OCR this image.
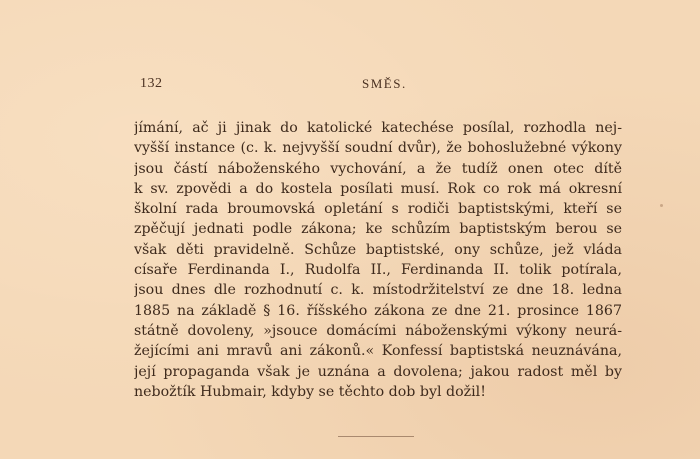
132	SMĚS.
jímání, ač ji jinak do katolické katechése posílal, rozhodla nej-
vyšší instance (c. k. nejvyšší soudní dvůr), že bohoslužebné výkony
jsou částí náboženského vychování, a že tudíž onen otec dítě
k sv. zpovědi a do kostela posílati musí. Rok co rok má okresní
školní rada broumovská opletání s rodiči baptistskými, kteří se
zpěčují jednati podle zákona; ke schůzím baptistským berou se
však děti pravidelně. Schůze baptistské, ony schůze, jež vláda
císaře Ferdinanda I., Rudolfa II., Ferdinanda II. tolik potírala,
jsou dnes dle rozhodnutí c. k. místodržitelství ze dne 18. ledna
1885 na základě § 16. říšského zákona ze dne 21. prosince 1867
státně dovoleny, »jsouce domácími náboženskými výkony neurá-
žejícími ani mravů ani zákonů.« Konfessí baptistská neuznávána,
její propaganda však je uznána a dovolena; jakou radost měl by
nebožtík Hubmair, kdyby se těchto dob byl dožil!
